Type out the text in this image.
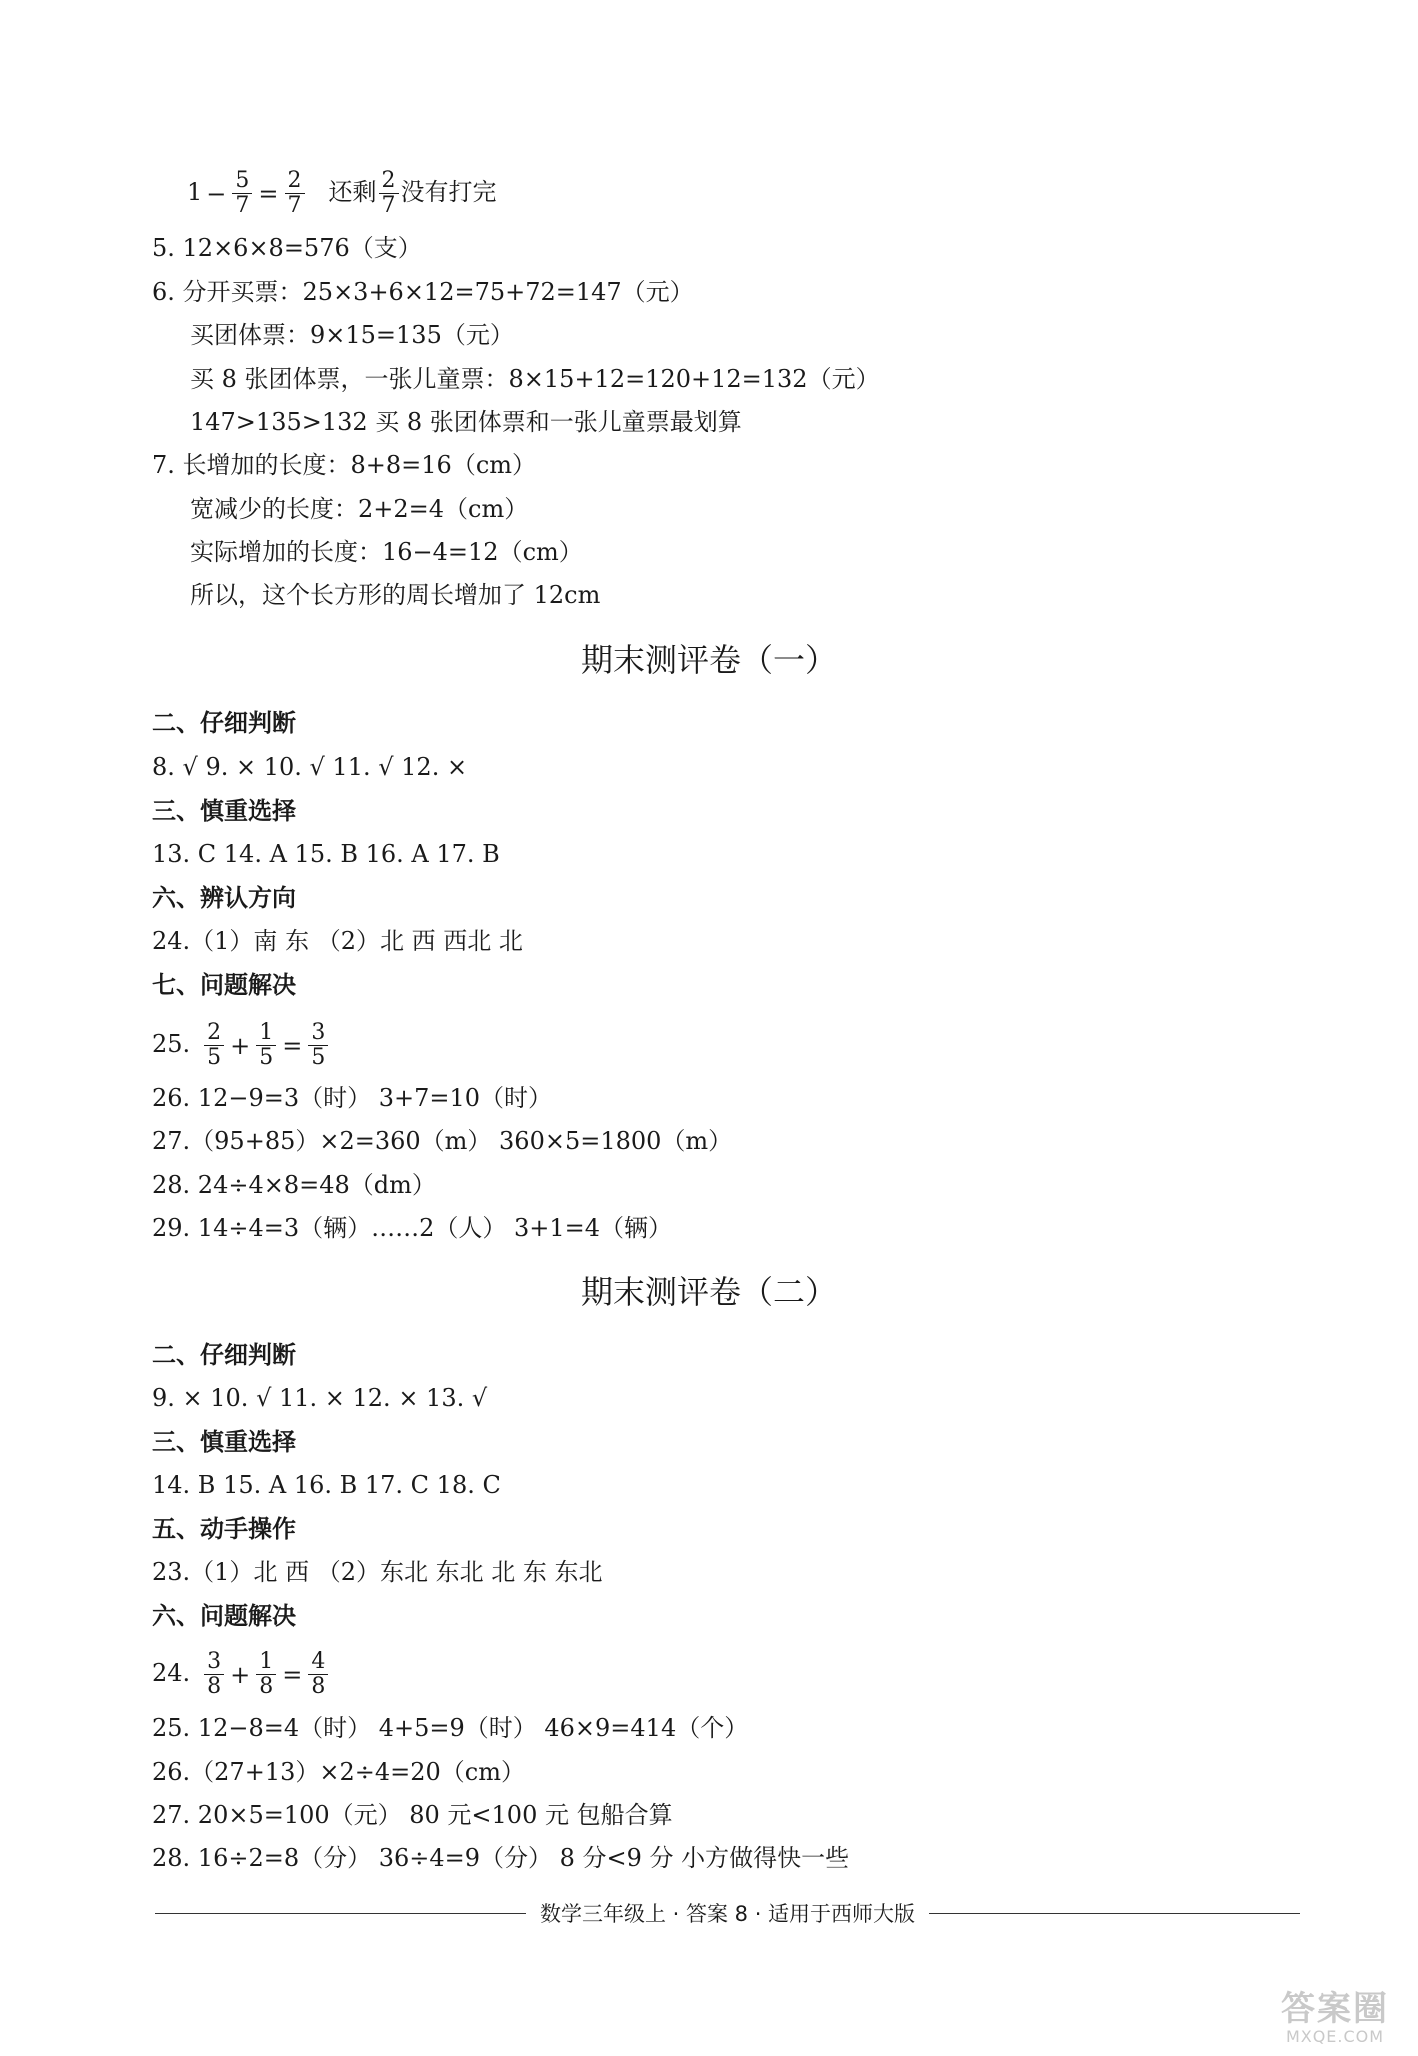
$1 - \frac{5}{7} = \frac{2}{7}$ 还剩 $\frac{2}{7}$ 没有打完
5. 12×6×8=576（支）
6. 分开买票：25×3+6×12=75+72=147（元）
买团体票：9×15=135（元）
买 8 张团体票，一张儿童票：8×15+12=120+12=132（元）
147>135>132 买 8 张团体票和一张儿童票最划算
7. 长增加的长度：8+8=16（cm）
宽减少的长度：2+2=4（cm）
实际增加的长度：16−4=12（cm）
所以，这个长方形的周长增加了 12cm
期末测评卷（一）
二、仔细判断
8. √ 9. × 10. √ 11. √ 12. ×
三、慎重选择
13. C 14. A 15. B 16. A 17. B
六、辨认方向
24.（1）南 东 （2）北 西 西北 北
七、问题解决
25. $\frac{2}{5} + \frac{1}{5} = \frac{3}{5}$
26. 12−9=3（时） 3+7=10（时）
27.（95+85）×2=360（m） 360×5=1800（m）
28. 24÷4×8=48（dm）
29. 14÷4=3（辆）……2（人） 3+1=4（辆）
期末测评卷（二）
二、仔细判断
9. × 10. √ 11. × 12. × 13. √
三、慎重选择
14. B 15. A 16. B 17. C 18. C
五、动手操作
23.（1）北 西 （2）东北 东北 北 东 东北
六、问题解决
24. $\frac{3}{8} + \frac{1}{8} = \frac{4}{8}$
25. 12−8=4（时） 4+5=9（时） 46×9=414（个）
26.（27+13）×2÷4=20（cm）
27. 20×5=100（元） 80 元<100 元 包船合算
28. 16÷2=8（分） 36÷4=9（分） 8 分<9 分 小方做得快一些
数学三年级上 · 答案 8 · 适用于西师大版
答案圈
MXQE.COM
